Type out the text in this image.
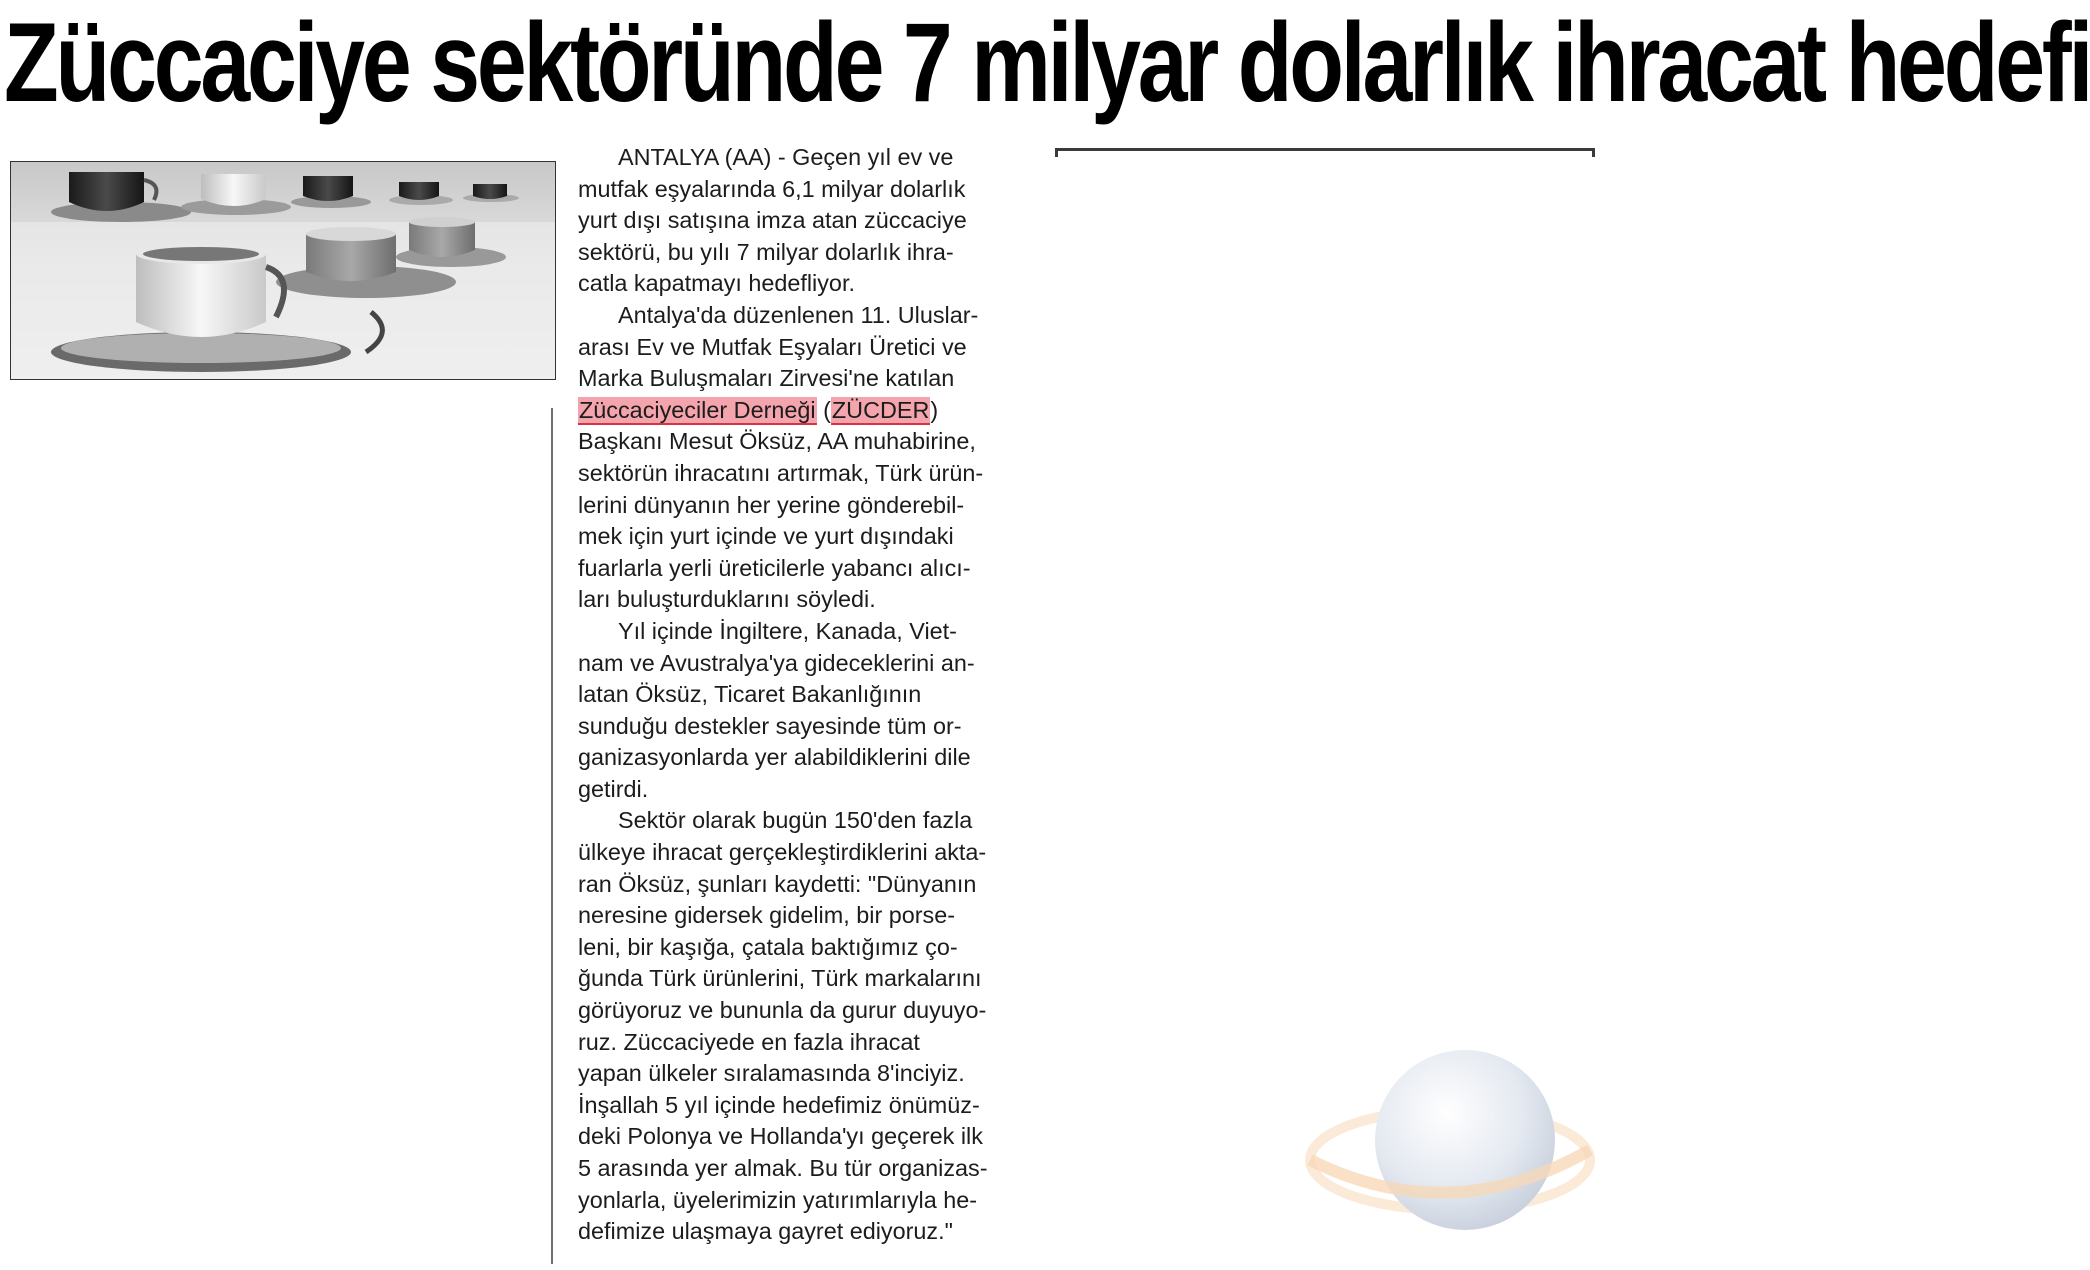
Züccaciye sektöründe 7 milyar dolarlık ihracat hedefi

ANTALYA (AA) - Geçen yıl ev ve
mutfak eşyalarında 6,1 milyar dolarlık
yurt dışı satışına imza atan züccaciye
sektörü, bu yılı 7 milyar dolarlık ihra-
catla kapatmayı hedefliyor.

Antalya'da düzenlenen 11. Uluslar-
arası Ev ve Mutfak Eşyaları Üretici ve
Marka Buluşmaları Zirvesi'ne katılan
Züccaciyeciler Derneği (ZÜCDER)
Başkanı Mesut Öksüz, AA muhabirine,
sektörün ihracatını artırmak, Türk ürün-
lerini dünyanın her yerine gönderebil-
mek için yurt içinde ve yurt dışındaki
fuarlarla yerli üreticilerle yabancı alıcı-
ları buluşturduklarını söyledi.

Yıl içinde İngiltere, Kanada, Viet-
nam ve Avustralya'ya gideceklerini an-
latan Öksüz, Ticaret Bakanlığının
sunduğu destekler sayesinde tüm or-
ganizasyonlarda yer alabildiklerini dile
getirdi.

Sektör olarak bugün 150'den fazla
ülkeye ihracat gerçekleştirdiklerini akta-
ran Öksüz, şunları kaydetti: "Dünyanın
neresine gidersek gidelim, bir porse-
leni, bir kaşığa, çatala baktığımız ço-
ğunda Türk ürünlerini, Türk markalarını
görüyoruz ve bununla da gurur duyuyo-
ruz. Züccaciyede en fazla ihracat
yapan ülkeler sıralamasında 8'inciyiz.
İnşallah 5 yıl içinde hedefimiz önümüz-
deki Polonya ve Hollanda'yı geçerek ilk
5 arasında yer almak. Bu tür organizas-
yonlarla, üyelerimizin yatırımlarıyla he-
defimize ulaşmaya gayret ediyoruz."
